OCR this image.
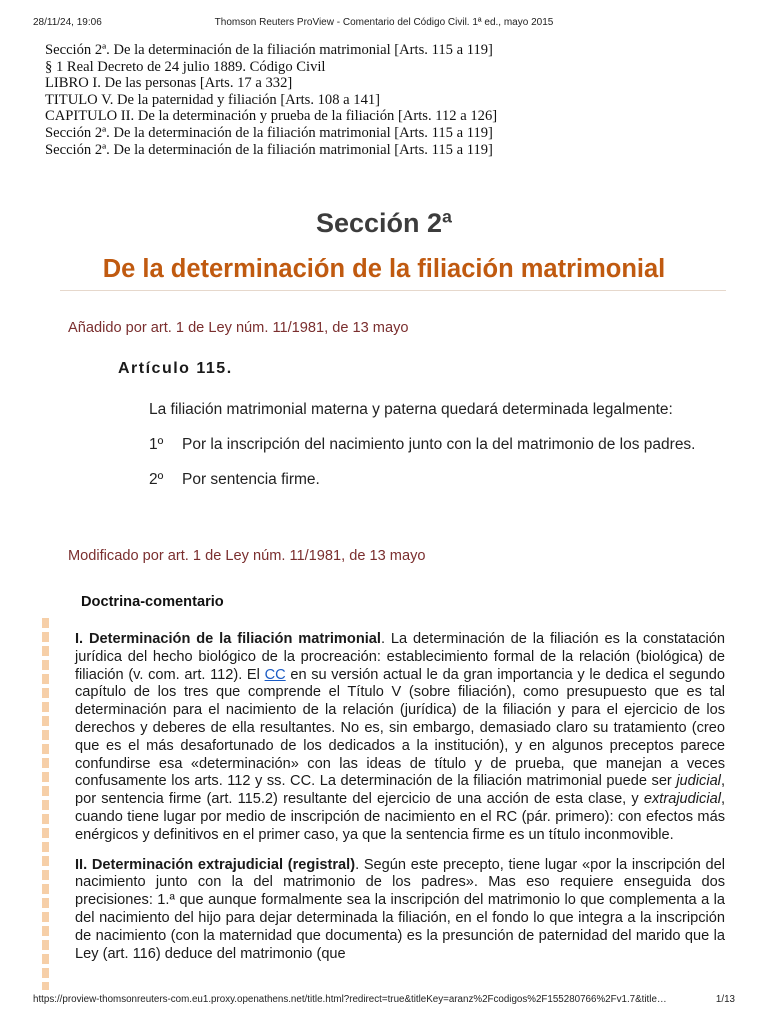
28/11/24, 19:06	Thomson Reuters ProView - Comentario del Código Civil. 1ª ed., mayo 2015
Sección 2ª. De la determinación de la filiación matrimonial [Arts. 115 a 119]
§ 1 Real Decreto de 24 julio 1889. Código Civil
LIBRO I. De las personas [Arts. 17 a 332]
TITULO V. De la paternidad y filiación [Arts. 108 a 141]
CAPITULO II. De la determinación y prueba de la filiación [Arts. 112 a 126]
Sección 2ª. De la determinación de la filiación matrimonial [Arts. 115 a 119]
Sección 2ª. De la determinación de la filiación matrimonial [Arts. 115 a 119]
Sección 2ª
De la determinación de la filiación matrimonial
Añadido por art. 1 de Ley núm. 11/1981, de 13 mayo
Artículo 115.

La filiación matrimonial materna y paterna quedará determinada legalmente:

1º Por la inscripción del nacimiento junto con la del matrimonio de los padres.

2º Por sentencia firme.

Modificado por art. 1 de Ley núm. 11/1981, de 13 mayo
Doctrina-comentario

I. Determinación de la filiación matrimonial. La determinación de la filiación es la constatación jurídica del hecho biológico de la procreación: establecimiento formal de la relación (biológica) de filiación (v. com. art. 112). El CC en su versión actual le da gran importancia y le dedica el segundo capítulo de los tres que comprende el Título V (sobre filiación), como presupuesto que es tal determinación para el nacimiento de la relación (jurídica) de la filiación y para el ejercicio de los derechos y deberes de ella resultantes. No es, sin embargo, demasiado claro su tratamiento (creo que es el más desafortunado de los dedicados a la institución), y en algunos preceptos parece confundirse esa «determinación» con las ideas de título y de prueba, que manejan a veces confusamente los arts. 112 y ss. CC. La determinación de la filiación matrimonial puede ser judicial, por sentencia firme (art. 115.2) resultante del ejercicio de una acción de esta clase, y extrajudicial, cuando tiene lugar por medio de inscripción de nacimiento en el RC (pár. primero): con efectos más enérgicos y definitivos en el primer caso, ya que la sentencia firme es un título inconmovible.

II. Determinación extrajudicial (registral). Según este precepto, tiene lugar «por la inscripción del nacimiento junto con la del matrimonio de los padres». Mas eso requiere enseguida dos precisiones: 1.ª que aunque formalmente sea la inscripción del matrimonio lo que complementa a la del nacimiento del hijo para dejar determinada la filiación, en el fondo lo que integra a la inscripción de nacimiento (con la maternidad que documenta) es la presunción de paternidad del marido que la Ley (art. 116) deduce del matrimonio (que

https://proview-thomsonreuters-com.eu1.proxy.openathens.net/title.html?redirect=true&titleKey=aranz%2Fcodigos%2F155280766%2Fv1.7&title…	1/13
